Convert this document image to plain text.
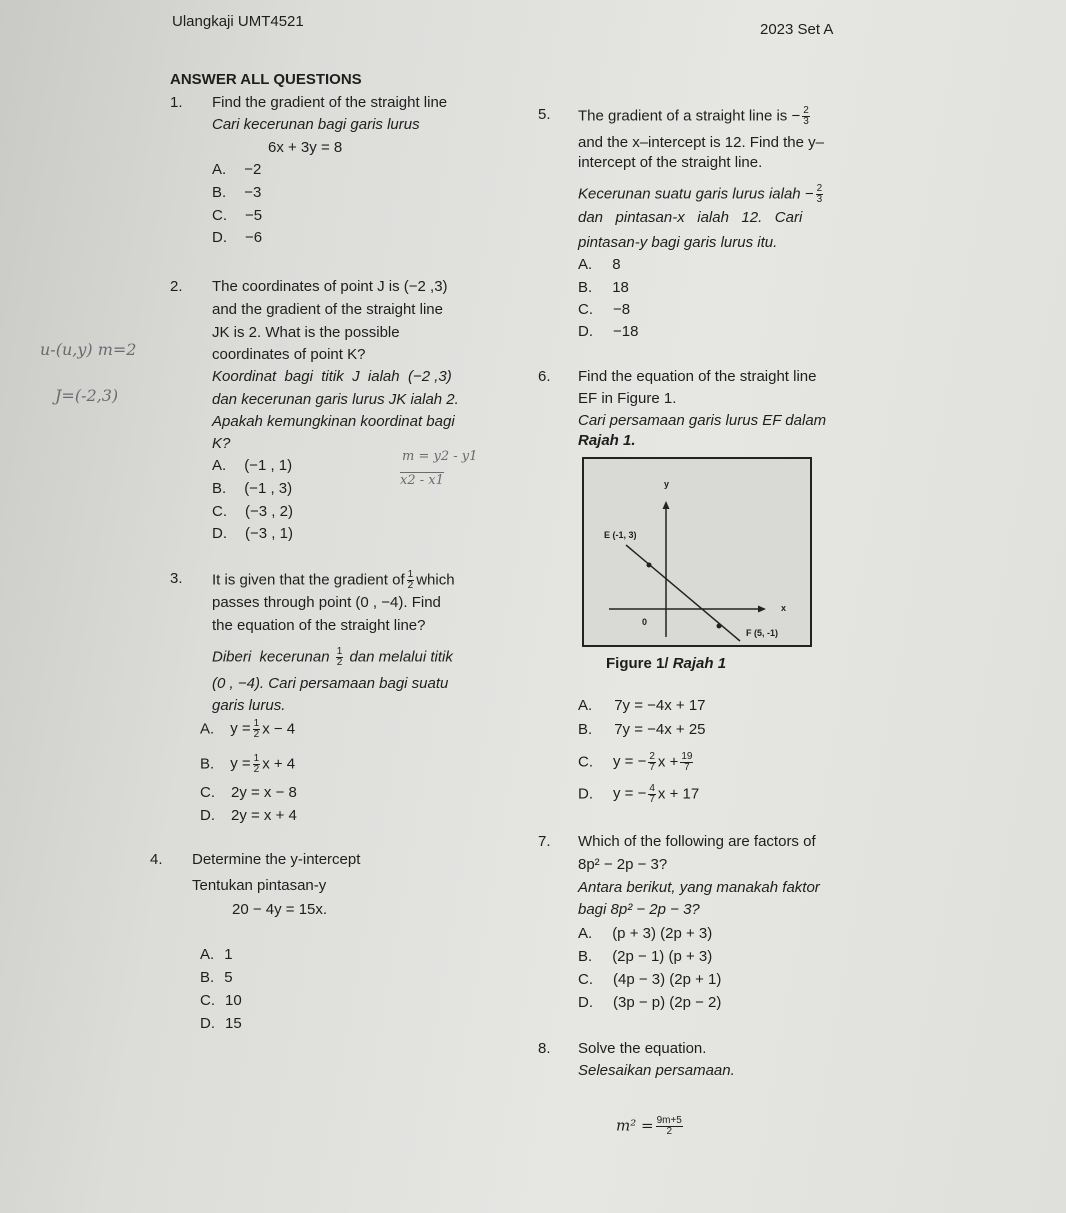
Ulangkaji UMT4521	2023 Set A
ANSWER ALL QUESTIONS
1. Find the gradient of the straight line
Cari kecerunan bagi garis lurus
6x + 3y = 8
A. −2
B. −3
C. −5
D. −6
2. The coordinates of point J is (−2 ,3)
and the gradient of the straight line
JK is 2. What is the possible
coordinates of point K?
Koordinat  bagi  titik  J  ialah  (−2 ,3)
dan kecerunan garis lurus JK ialah 2.
Apakah kemungkinan koordinat bagi
K?
A. (−1 , 1)
B. (−1 , 3)
C. (−3 , 2)
D. (−3 , 1)
3. It is given that the gradient of $\frac{1}{2}$ which
passes through point (0 , −4). Find
the equation of the straight line?
Diberi  kecerunan $\frac{1}{2}$ dan melalui titik
(0 , −4). Cari persamaan bagi suatu
garis lurus.
A. $y = \frac{1}{2}$ x − 4
B. $y = \frac{1}{2}$ x + 4
C. 2y = x − 8
D. 2y = x + 4
4. Determine the y-intercept
Tentukan pintasan-y
20 − 4y = 15x.
A. 1
B. 5
C. 10
D. 15
5. The gradient of a straight line is − $\frac{2}{3}$
and the x–intercept is 12. Find the y–
intercept of the straight line.
Kecerunan suatu garis lurus ialah − $\frac{2}{3}$
dan   pintasan-x   ialah   12.   Cari
pintasan-y bagi garis lurus itu.
A. 8
B. 18
C. −8
D. −18
6. Find the equation of the straight line
EF in Figure 1.
Cari persamaan garis lurus EF dalam
Rajah 1.
y
x
0
E (-1, 3)
F (5, -1)
Figure 1/ Rajah 1
A. 7y = −4x + 17
B. 7y = −4x + 25
C. y = − $\frac{2}{7}$ $x + \frac{19}{7}$
D. y = − $\frac{4}{7}$ x + 17
7. Which of the following are factors of
8p² − 2p − 3?
Antara berikut, yang manakah faktor
bagi 8p² − 2p − 3?
A. (p + 3) (2p + 3)
B. (2p − 1) (p + 3)
C. (4p − 3) (2p + 1)
D. (3p − p) (2p − 2)
8. Solve the equation.
Selesaikan persamaan.
$m^2 = \frac{9m+5}{2}$
u-(u,y) m=2
J=(-2,3)
m = y2 - y1
x2 - x1
